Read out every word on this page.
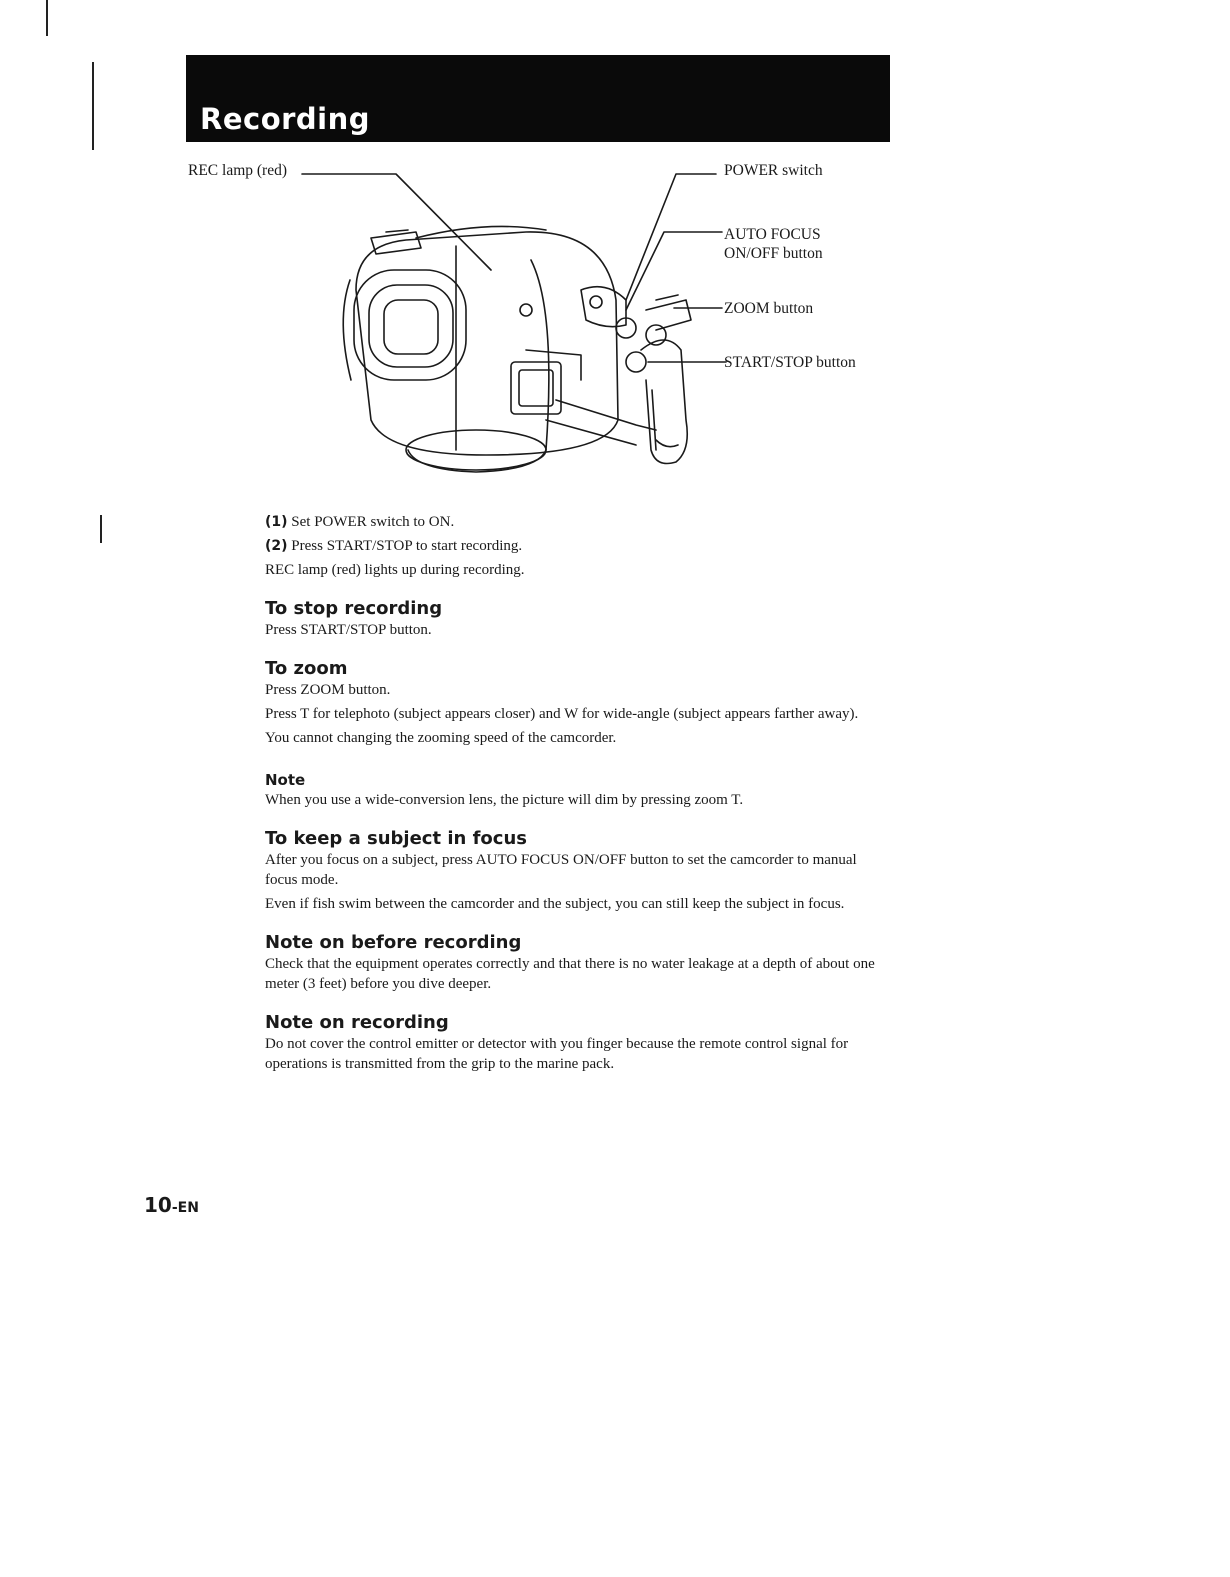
Recording
REC lamp (red)	POWER switch
AUTO FOCUS
ON/OFF button
ZOOM button
START/STOP button
(1) Set POWER switch to ON.
(2) Press START/STOP to start recording.

REC lamp (red) lights up during recording.

To stop recording

Press START/STOP button.

To zoom

Press ZOOM button.

Press T for telephoto (subject appears closer) and W for wide-angle (subject appears farther away).

You cannot changing the zooming speed of the camcorder.

Note

When you use a wide-conversion lens, the picture will dim by pressing zoom T.

To keep a subject in focus

After you focus on a subject, press AUTO FOCUS ON/OFF button to set the camcorder to manual focus mode.

Even if fish swim between the camcorder and the subject, you can still keep the subject in focus.

Note on before recording

Check that the equipment operates correctly and that there is no water leakage at a depth of about one meter (3 feet) before you dive deeper.

Note on recording

Do not cover the control emitter or detector with you finger because the remote control signal for operations is transmitted from the grip to the marine pack.

10-EN
